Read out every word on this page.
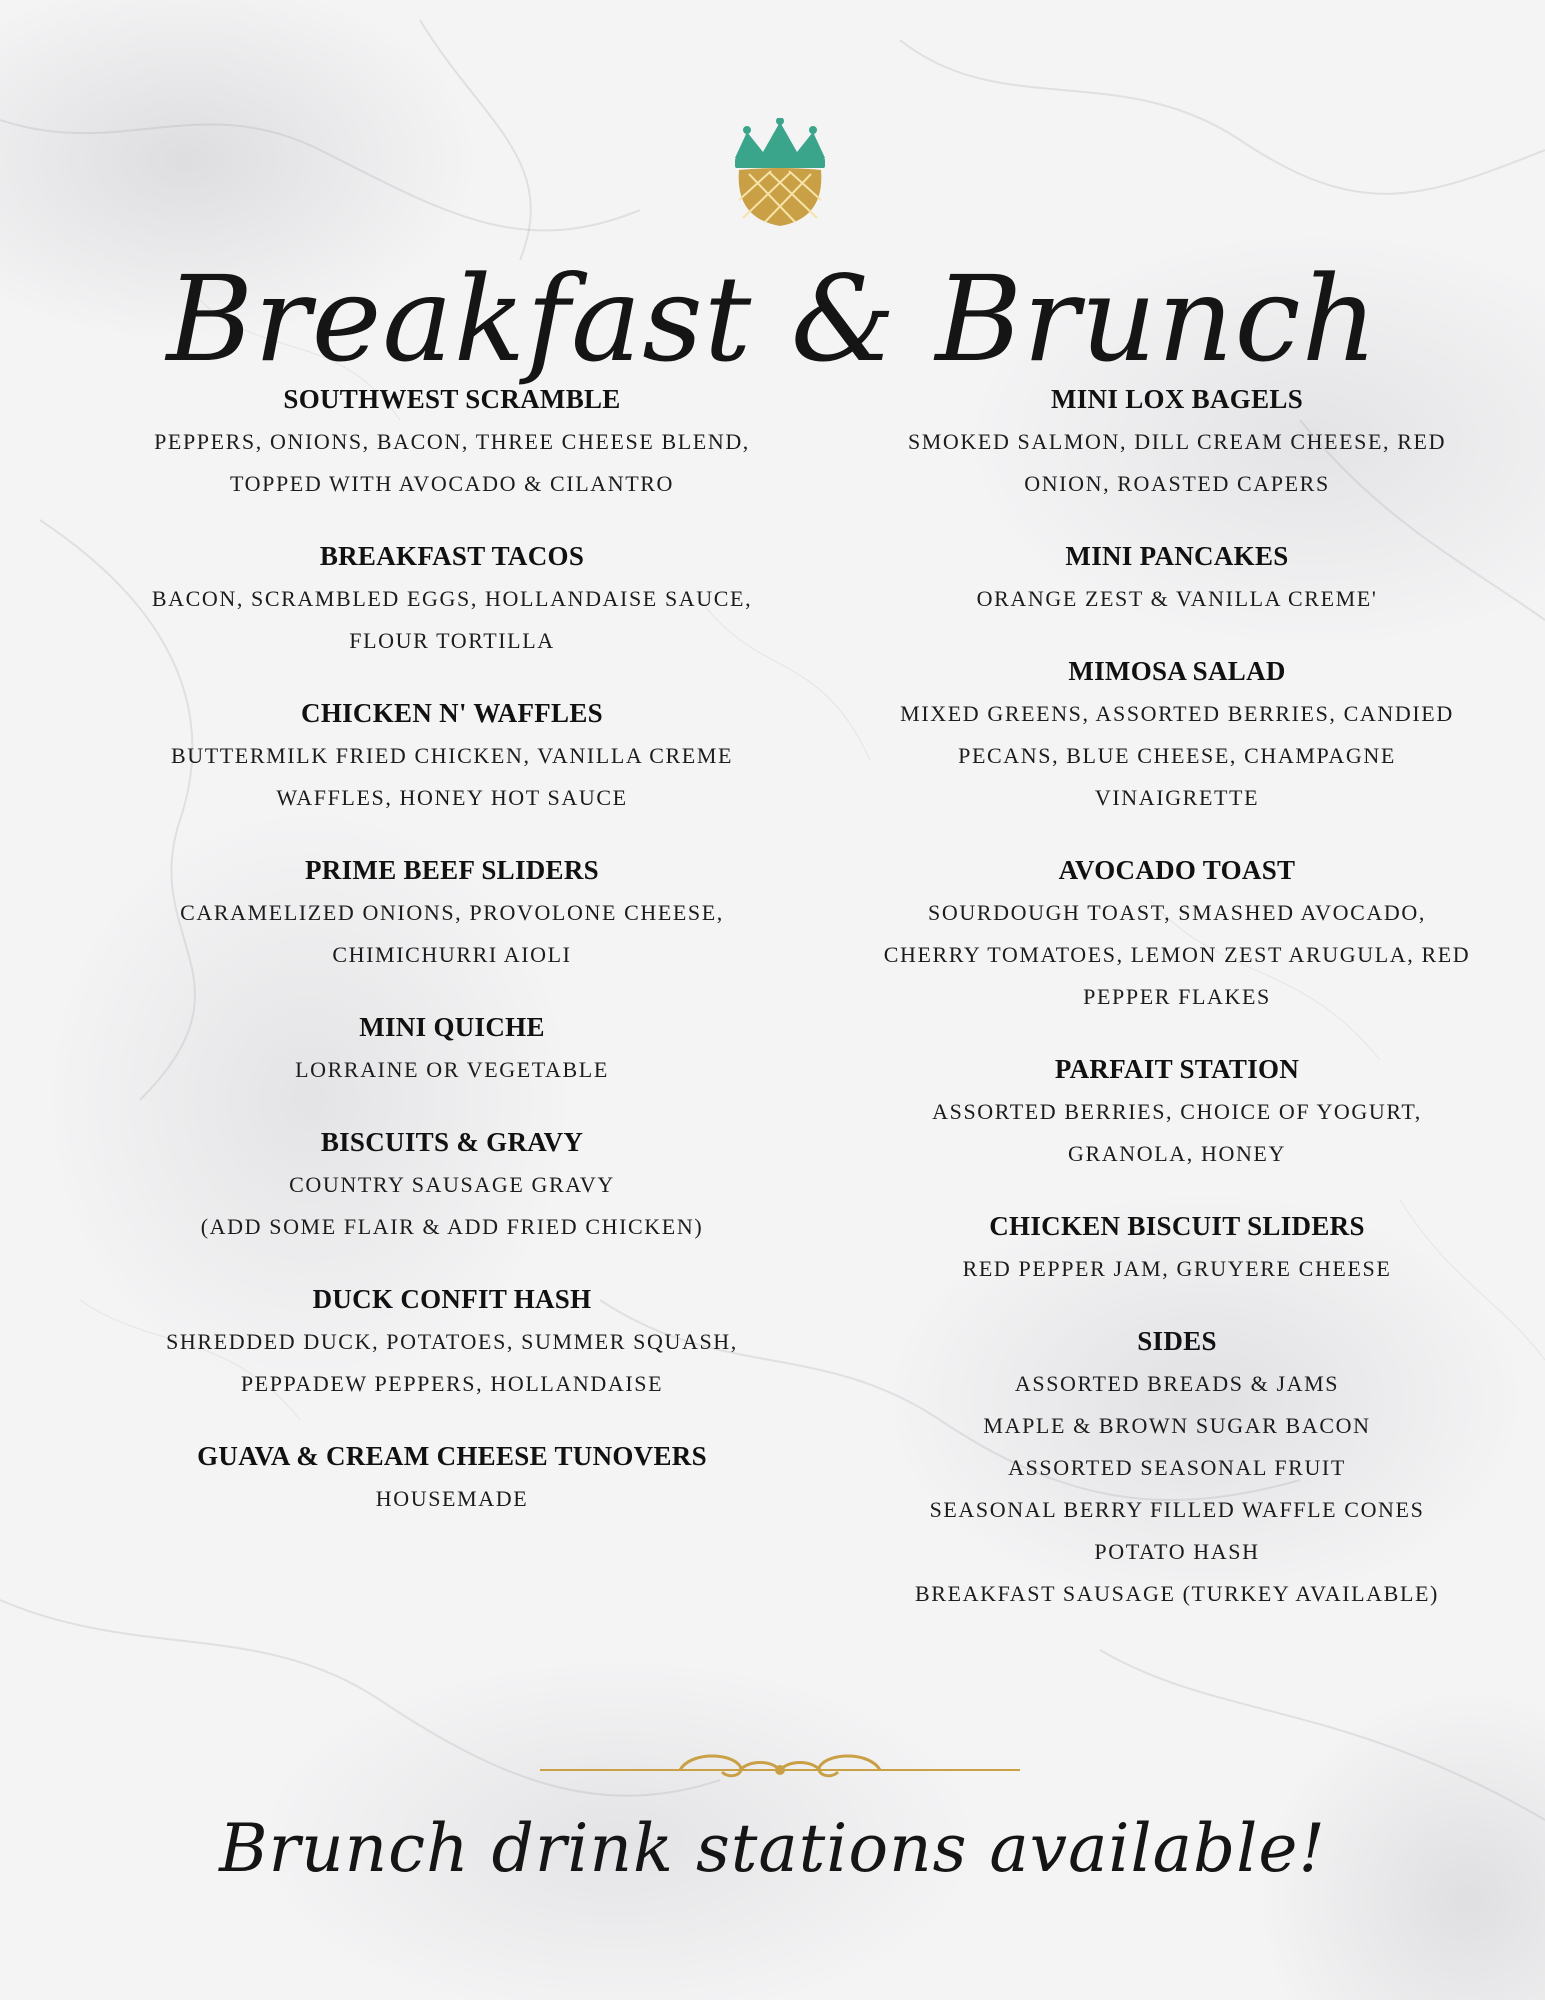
Breakfast & Brunch
SOUTHWEST SCRAMBLE
PEPPERS, ONIONS, BACON, THREE CHEESE BLEND,
TOPPED WITH AVOCADO & CILANTRO
BREAKFAST TACOS
BACON, SCRAMBLED EGGS, HOLLANDAISE SAUCE,
FLOUR TORTILLA
CHICKEN N' WAFFLES
BUTTERMILK FRIED CHICKEN, VANILLA CREME
WAFFLES, HONEY HOT SAUCE
PRIME BEEF SLIDERS
CARAMELIZED ONIONS, PROVOLONE CHEESE,
CHIMICHURRI AIOLI
MINI QUICHE
LORRAINE OR VEGETABLE
BISCUITS & GRAVY
COUNTRY SAUSAGE GRAVY
(ADD SOME FLAIR & ADD FRIED CHICKEN)
DUCK CONFIT HASH
SHREDDED DUCK, POTATOES, SUMMER SQUASH,
PEPPADEW PEPPERS, HOLLANDAISE
GUAVA & CREAM CHEESE TUNOVERS
HOUSEMADE
MINI LOX BAGELS
SMOKED SALMON, DILL CREAM CHEESE, RED
ONION, ROASTED CAPERS
MINI PANCAKES
ORANGE ZEST & VANILLA CREME'
MIMOSA SALAD
MIXED GREENS, ASSORTED BERRIES, CANDIED
PECANS, BLUE CHEESE, CHAMPAGNE
VINAIGRETTE
AVOCADO TOAST
SOURDOUGH TOAST, SMASHED AVOCADO,
CHERRY TOMATOES, LEMON ZEST ARUGULA, RED
PEPPER FLAKES
PARFAIT STATION
ASSORTED BERRIES, CHOICE OF YOGURT,
GRANOLA, HONEY
CHICKEN BISCUIT SLIDERS
RED PEPPER JAM, GRUYERE CHEESE
SIDES
ASSORTED BREADS & JAMS
MAPLE & BROWN SUGAR BACON
ASSORTED SEASONAL FRUIT
SEASONAL BERRY FILLED WAFFLE CONES
POTATO HASH
BREAKFAST SAUSAGE (TURKEY AVAILABLE)
Brunch drink stations available!
